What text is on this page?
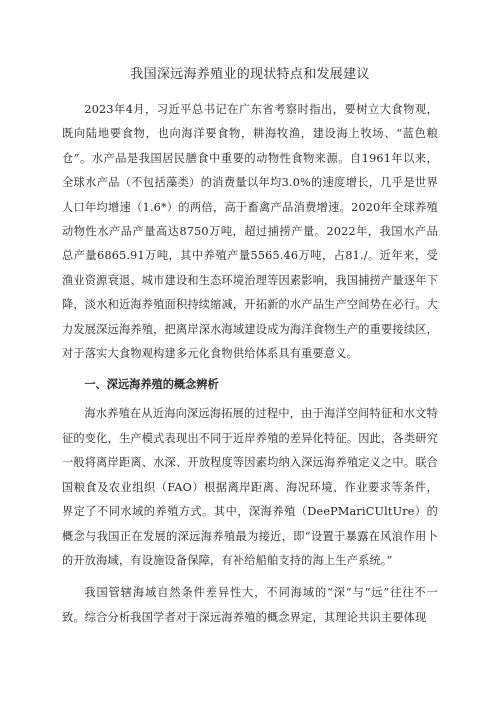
我国深远海养殖业的现状特点和发展建议

2023年4月，习近平总书记在广东省考察时指出，要树立大食物观，既向陆地要食物，也向海洋要食物，耕海牧渔，建设海上牧场、“蓝色粮仓”。水产品是我国居民膳食中重要的动物性食物来源。自1961年以来，全球水产品（不包括藻类）的消费量以年均3.0%的速度增长，几乎是世界人口年均增速（1.6*）的两倍，高于畜禽产品消费增速。2020年全球养殖动物性水产品产量高达8750万吨，超过捕捞产量。2022年，我国水产品总产量6865.91万吨，其中养殖产量5565.46万吨，占81./。近年来，受渔业资源衰退、城市建设和生态环境治理等因素影响，我国捕捞产量逐年下降，淡水和近海养殖面积持续缩减，开拓新的水产品生产空间势在必行。大力发展深远海养殖，把离岸深水海域建设成为海洋食物生产的重要接续区，对于落实大食物观构建多元化食物供给体系具有重要意义。

一、深远海养殖的概念辨析

海水养殖在从近海向深远海拓展的过程中，由于海洋空间特征和水文特征的变化，生产模式表现出不同于近岸养殖的差异化特征。因此，各类研究一般将离岸距离、水深、开放程度等因素均纳入深远海养殖定义之中。联合国粮食及农业组织（FAO）根据离岸距离、海况环境、作业要求等条件，界定了不同水域的养殖方式。其中，深海养殖（DeePMariCUltUre）的概念与我国正在发展的深远海养殖最为接近，即“设置于暴露在风浪作用卜的开放海域，有设施设备保障，有补给船舶支持的海上生产系统。”

我国管辖海域自然条件差异性大，不同海域的“深”与“远”往往不一致。综合分析我国学者对于深远海养殖的概念界定，其理论共识主要体现
